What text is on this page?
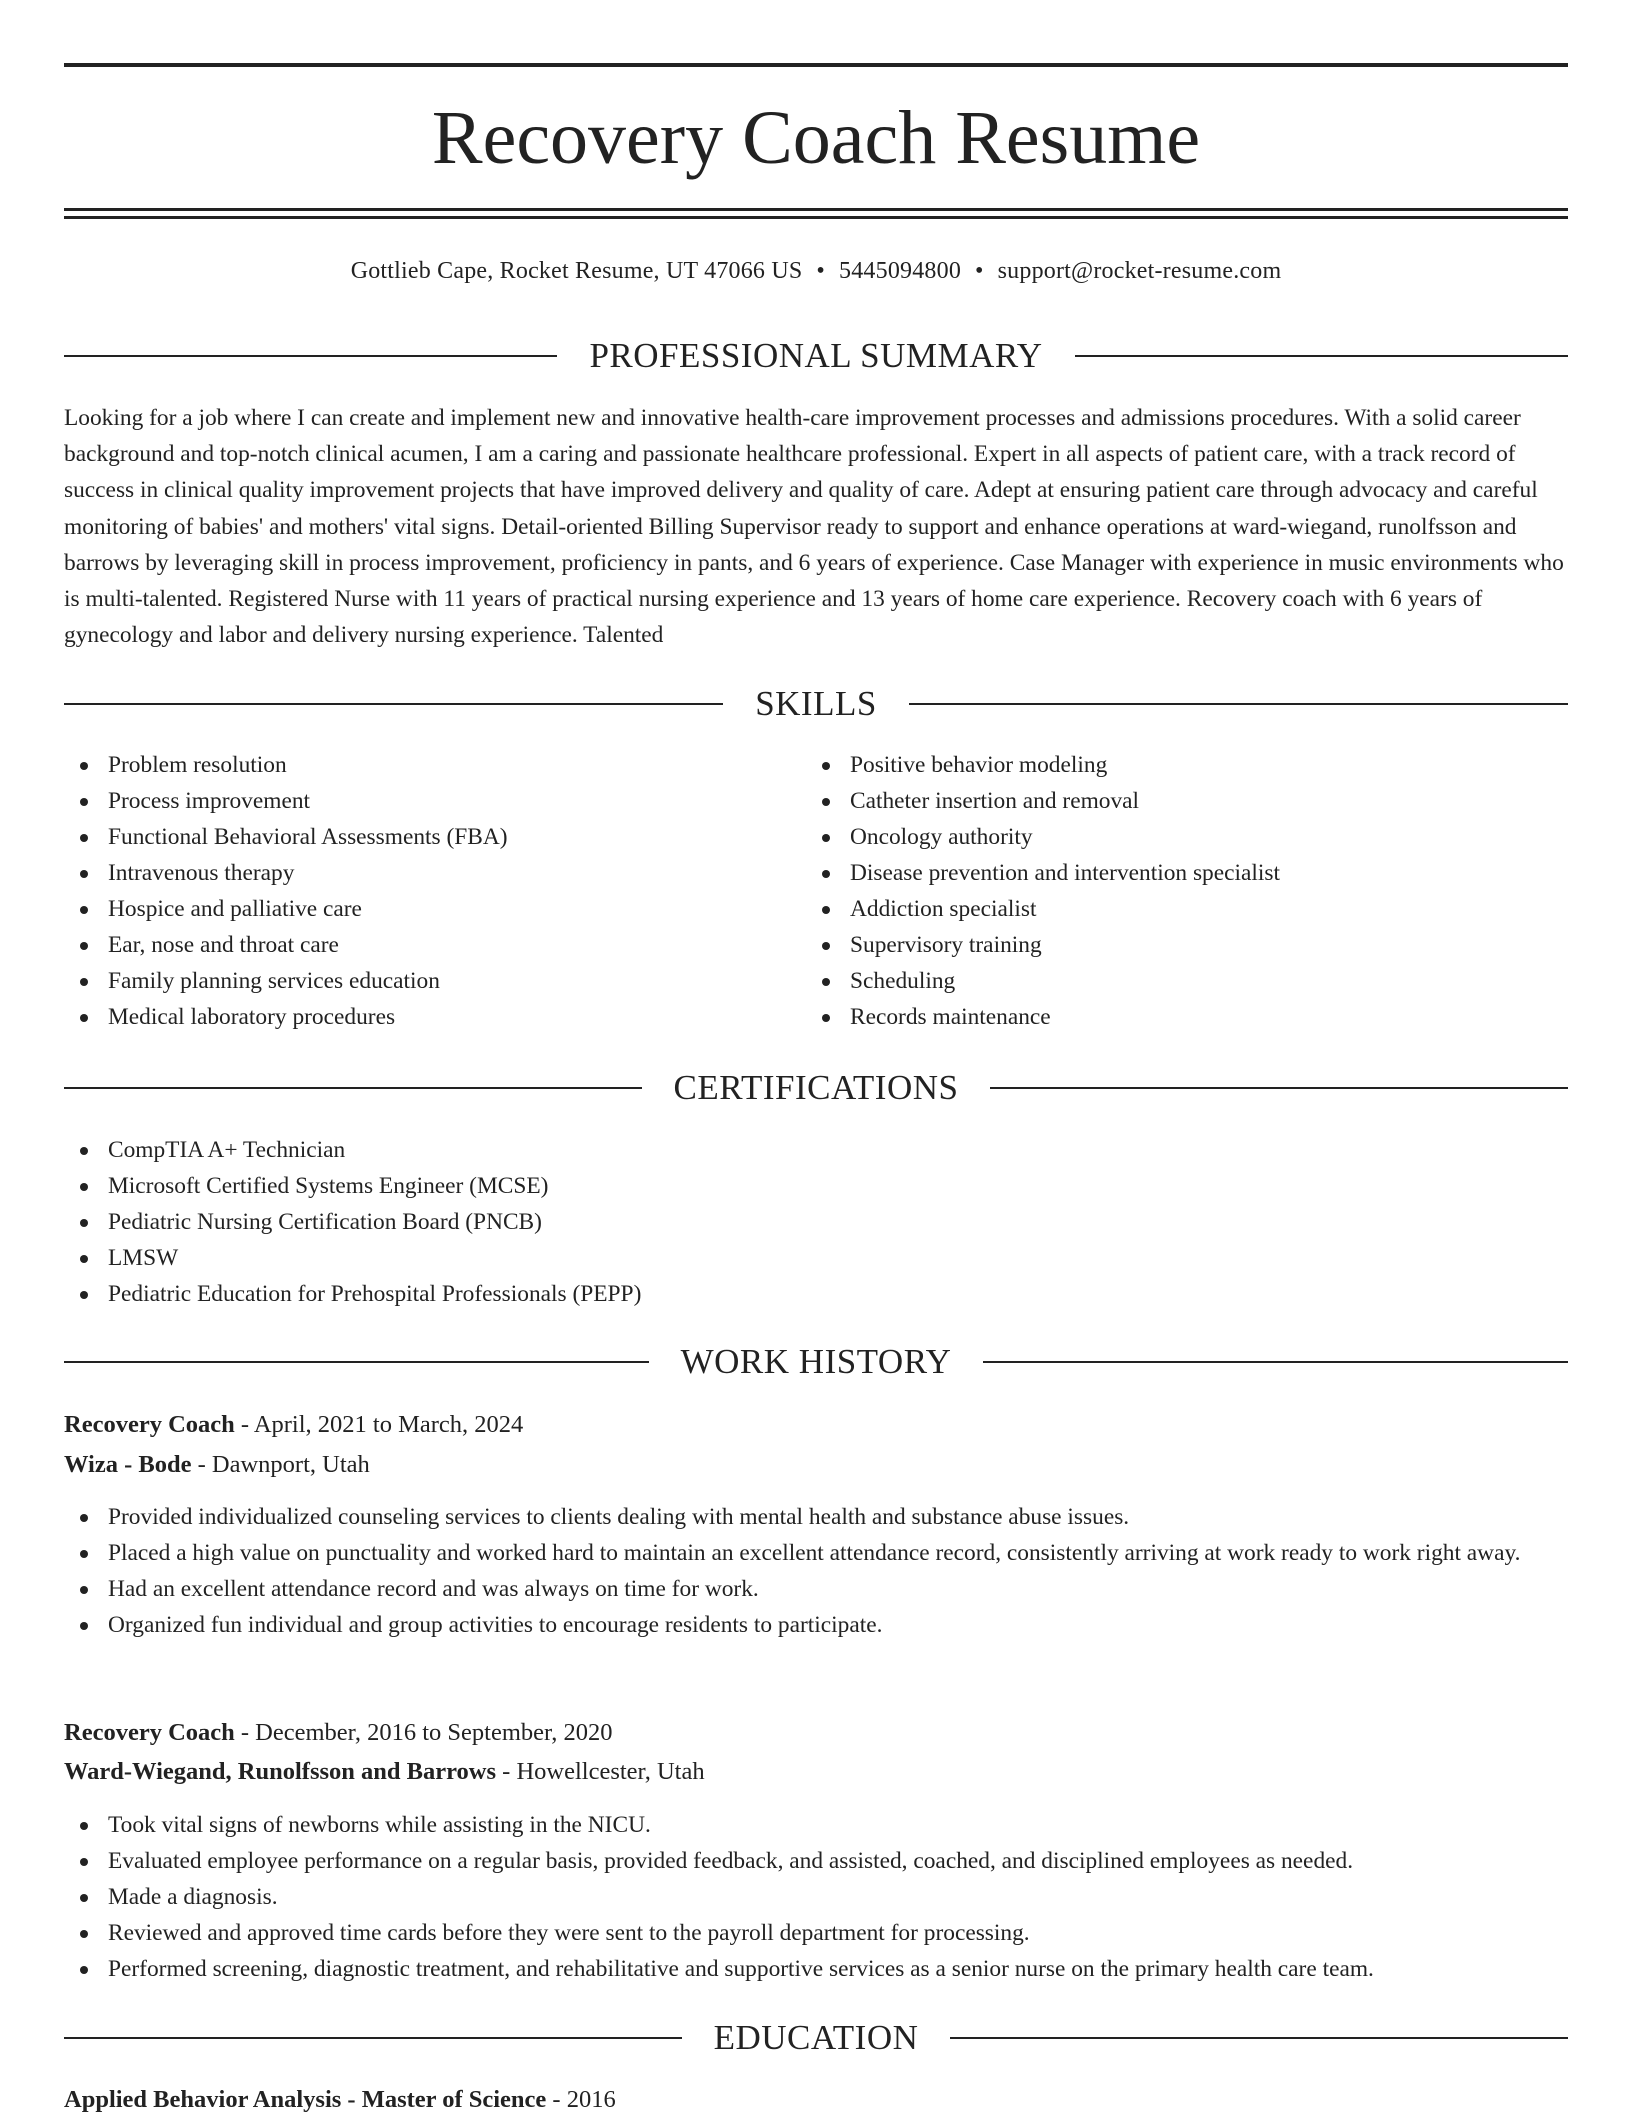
Recovery Coach Resume
Gottlieb Cape, Rocket Resume, UT 47066 US • 5445094800 • support@rocket-resume.com
PROFESSIONAL SUMMARY

Looking for a job where I can create and implement new and innovative health-care improvement processes and admissions procedures. With a solid career background and top-notch clinical acumen, I am a caring and passionate healthcare professional. Expert in all aspects of patient care, with a track record of success in clinical quality improvement projects that have improved delivery and quality of care. Adept at ensuring patient care through advocacy and careful monitoring of babies' and mothers' vital signs. Detail-oriented Billing Supervisor ready to support and enhance operations at ward-wiegand, runolfsson and barrows by leveraging skill in process improvement, proficiency in pants, and 6 years of experience. Case Manager with experience in music environments who is multi-talented. Registered Nurse with 11 years of practical nursing experience and 13 years of home care experience. Recovery coach with 6 years of gynecology and labor and delivery nursing experience. Talented

SKILLS
Problem resolution
Process improvement
Functional Behavioral Assessments (FBA)
Intravenous therapy
Hospice and palliative care
Ear, nose and throat care
Family planning services education
Medical laboratory procedures
Positive behavior modeling
Catheter insertion and removal
Oncology authority
Disease prevention and intervention specialist
Addiction specialist
Supervisory training
Scheduling
Records maintenance
CERTIFICATIONS
CompTIA A+ Technician
Microsoft Certified Systems Engineer (MCSE)
Pediatric Nursing Certification Board (PNCB)
LMSW
Pediatric Education for Prehospital Professionals (PEPP)
WORK HISTORY
Recovery Coach - April, 2021 to March, 2024
Wiza - Bode - Dawnport, Utah
Provided individualized counseling services to clients dealing with mental health and substance abuse issues.
Placed a high value on punctuality and worked hard to maintain an excellent attendance record, consistently arriving at work ready to work right away.
Had an excellent attendance record and was always on time for work.
Organized fun individual and group activities to encourage residents to participate.
Recovery Coach - December, 2016 to September, 2020
Ward-Wiegand, Runolfsson and Barrows - Howellcester, Utah
Took vital signs of newborns while assisting in the NICU.
Evaluated employee performance on a regular basis, provided feedback, and assisted, coached, and disciplined employees as needed.
Made a diagnosis.
Reviewed and approved time cards before they were sent to the payroll department for processing.
Performed screening, diagnostic treatment, and rehabilitative and supportive services as a senior nurse on the primary health care team.
EDUCATION
Applied Behavior Analysis - Master of Science - 2016
